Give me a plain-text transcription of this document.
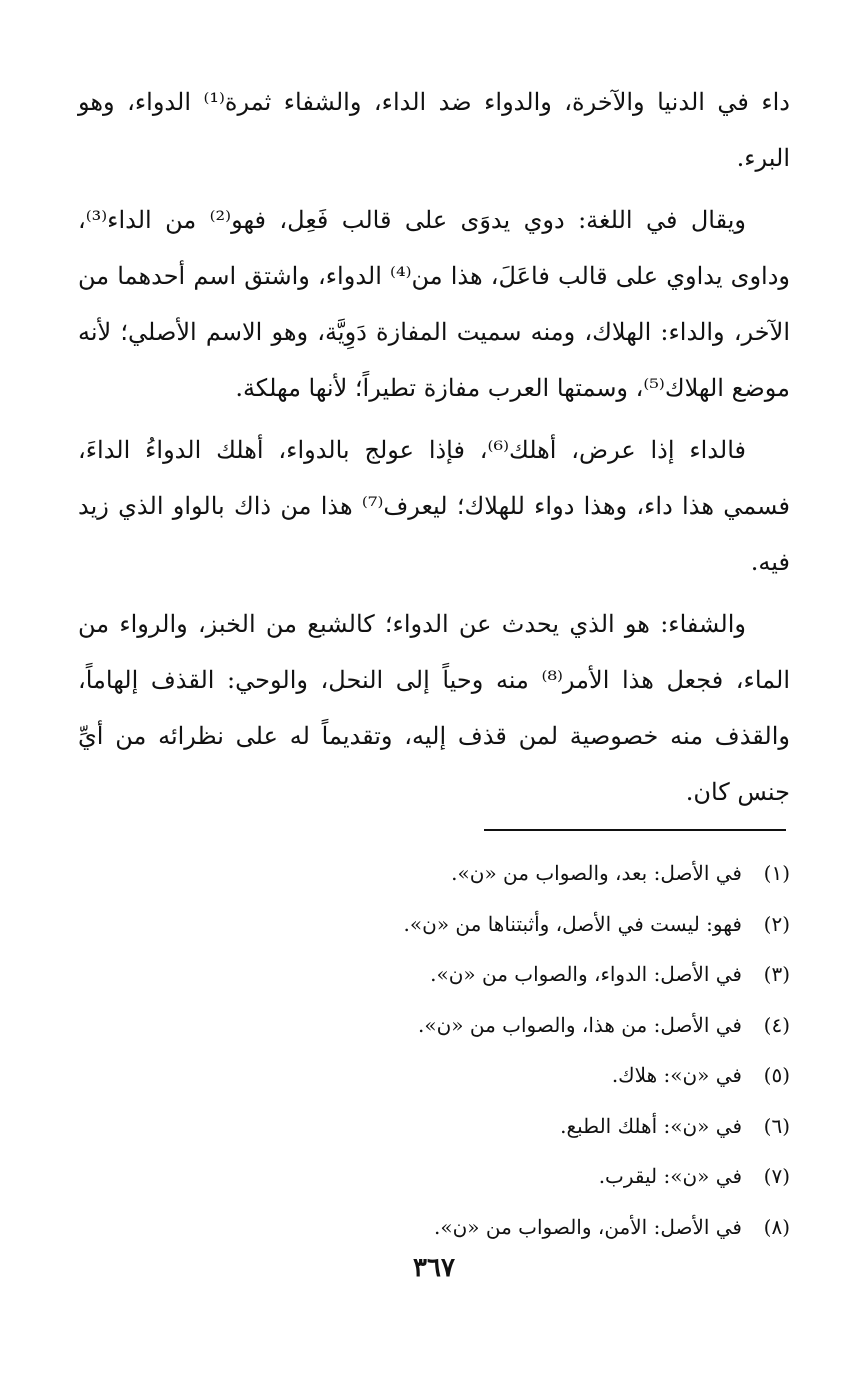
داء في الدنيا والآخرة، والدواء ضد الداء، والشفاء ثمرة⁽¹⁾ الدواء، وهو البرء.

ويقال في اللغة: دوي يدوَى على قالب فَعِل، فهو⁽²⁾ من الداء⁽³⁾، وداوى يداوي على قالب فاعَلَ، هذا من⁽⁴⁾ الدواء، واشتق اسم أحدهما من الآخر، والداء: الهلاك، ومنه سميت المفازة دَوِيَّة، وهو الاسم الأصلي؛ لأنه موضع الهلاك⁽⁵⁾، وسمتها العرب مفازة تطيراً؛ لأنها مهلكة.

فالداء إذا عرض، أهلك⁽⁶⁾، فإذا عولج بالدواء، أهلك الدواءُ الداءَ، فسمي هذا داء، وهذا دواء للهلاك؛ ليعرف⁽⁷⁾ هذا من ذاك بالواو الذي زيد فيه.

والشفاء: هو الذي يحدث عن الدواء؛ كالشبع من الخبز، والرواء من الماء، فجعل هذا الأمر⁽⁸⁾ منه وحياً إلى النحل، والوحي: القذف إلهاماً، والقذف منه خصوصية لمن قذف إليه، وتقديماً له على نظرائه من أيِّ جنس كان.

(١)
في الأصل: بعد، والصواب من «ن».
(٢)
فهو: ليست في الأصل، وأثبتناها من «ن».
(٣)
في الأصل: الدواء، والصواب من «ن».
(٤)
في الأصل: من هذا، والصواب من «ن».
(٥)
في «ن»: هلاك.
(٦)
في «ن»: أهلك الطبع.
(٧)
في «ن»: ليقرب.
(٨)
في الأصل: الأمن، والصواب من «ن».
٣٦٧
